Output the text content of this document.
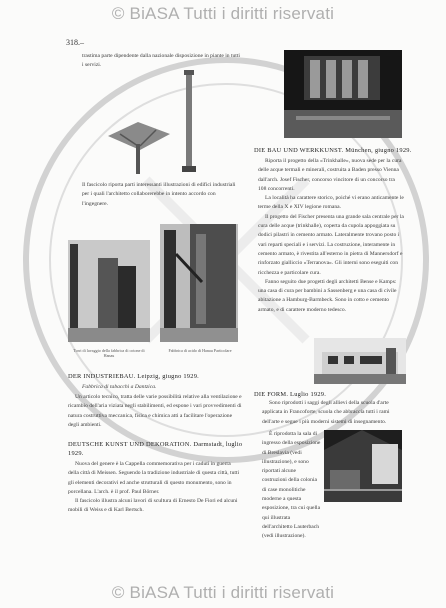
© BiASA Tutti i diritti riservati
318.–
trastima parte dipendente dalla nazionale disposizione in piante in tutti i servizi.
Il fascicolo riporta parti interessanti illustrazioni di edifici industriali per i quali l'architetto collaborerebbe in intento accordo con l'ingegnere.
Torri di lavaggio della fabbrica di cotone di Hanau
Fabbrica di acido di Hanau Particolare
DER INDUSTRIEBAU. Leipzig, giugno 1929.
Fabbrica di tabacchi a Dantzica.

Un articolo tecnico, tratta delle varie possibilità relative alla ventilazione e ricambio dell'aria viziata negli stabilimenti, ed espone i vari provvedimenti di natura costruttiva meccanica, fisica e chimica atti a facilitare l'operazione degli ambienti.

DEUTSCHE KUNST UND DEKORATION. Darmstadt, luglio 1929.

Nuova del genere è la Cappella commemorativa per i caduti in guerra della città di Meissen. Seguendo la tradizione industriale di questa città, tutti gli elementi decorativi ed anche strutturali di questo monumento, sono in porcellana. L'arch. è il prof. Paul Börner.

Il fascicolo illustra alcuni lavori di scultura di Ernesto De Fiori ed alcuni mobili di Weiss e di Karl Bertsch.

DIE BAU UND WERKKUNST. München, giugno 1929.

Riporta il progetto della «Trinkhalle», nuova sede per la cura delle acque termali e minerali, costruita a Baden presso Vienna dall'arch. Josef Fischer, concorso vincitore di un concorso tra 108 concorrenti.

La località ha carattere storico, poiché vi erano anticamente le terme della X e XIV legione romana.

Il progetto del Fischer presenta una grande sala centrale per la cura delle acque (trinkhalle), coperta da cupola appoggiata su dodici pilastri in cemento armato. Lateralmente trovano posto i vari reparti speciali e i servizi. La costruzione, interamente in cemento armato, è rivestita all'esterno in pietra di Mannersdorf e rinforzato gialliccio «Terranova». Gli interni sono eseguiti con ricchezza e particolare cura.

Fanno seguito due progetti degli architetti Bense e Kamps: una casa di cura per bambini a Sassenberg e una casa di civile abitazione a Hamburg-Barmbeck. Sono in cotto e cemento armato, e di carattere moderno tedesco.

DIE FORM. Luglio 1929.

Sono riprodotti i saggi degli allievi della scuola d'arte applicata in Francoforte, scuola che abbraccia tutti i rami dell'arte e segue i più moderni sistemi di insegnamento.

È riprodotta la sala di ingresso della esposizione di Breslavia (vedi illustrazione), e sono riportati alcune costruzioni della colonia di case monolitiche moderne a questa esposizione, tra cui quella qui illustrata dell'architetto Lauterbach (vedi illustrazione).

© BiASA Tutti i diritti riservati
